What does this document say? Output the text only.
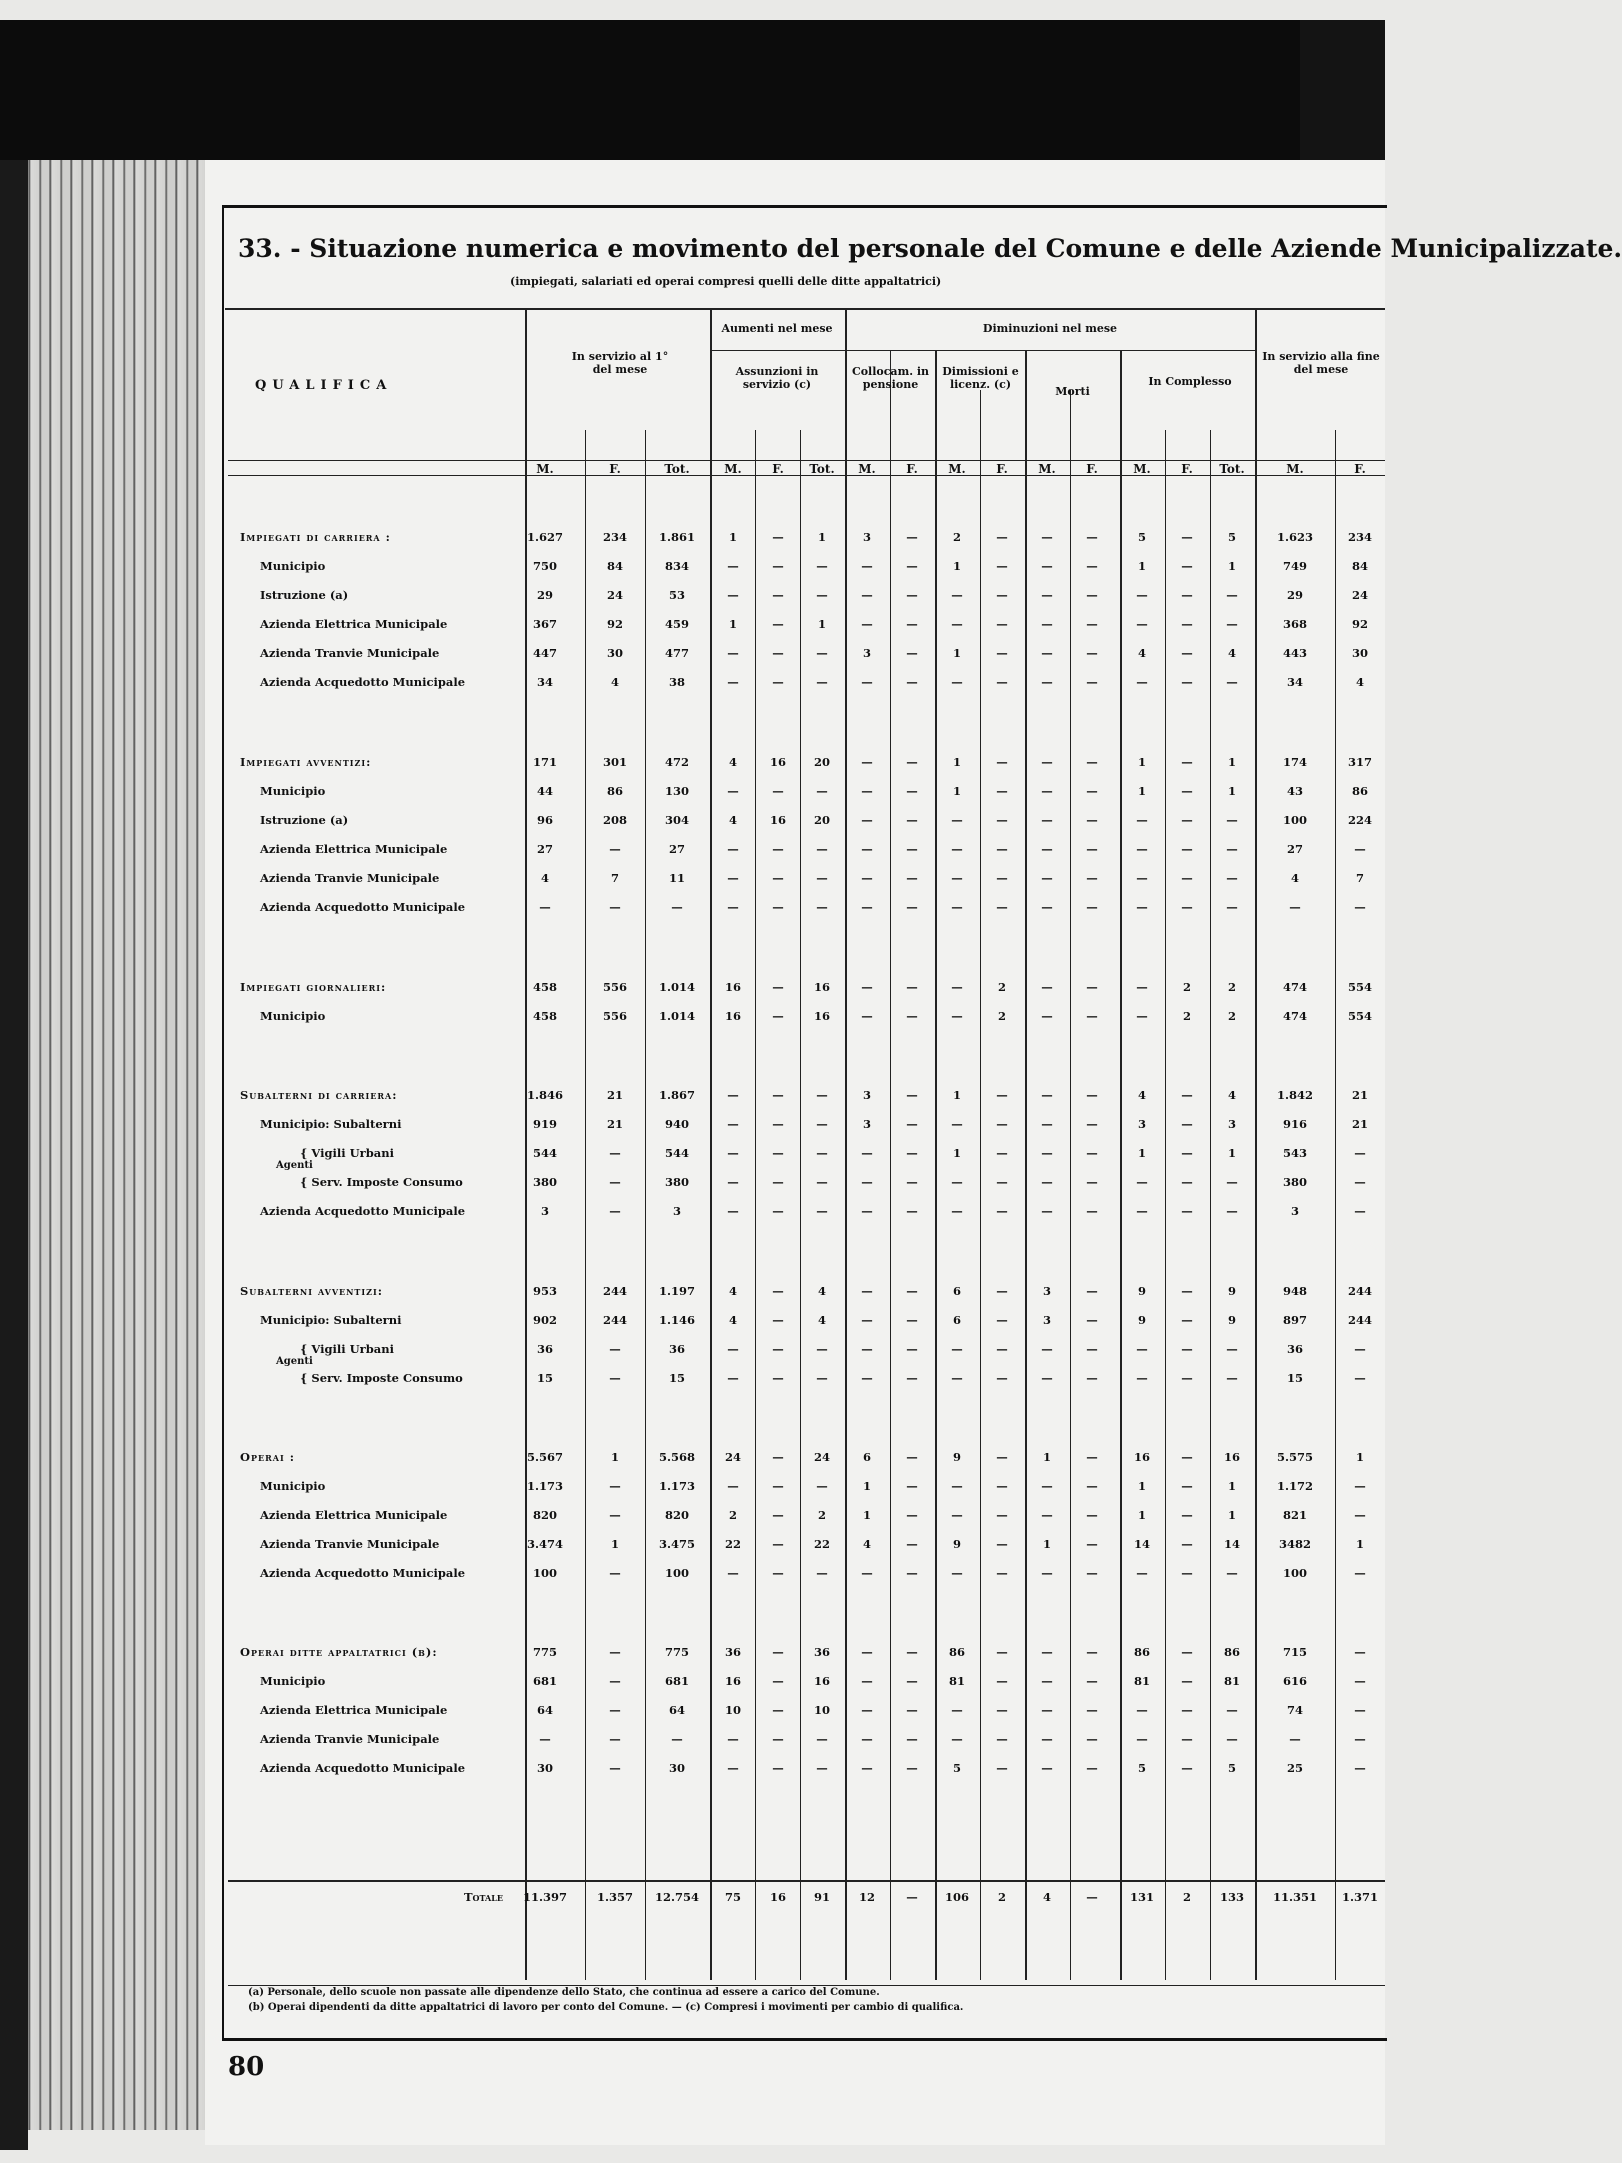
33. - Situazione numerica e movimento del personale del Comune e delle Aziende Municipalizzate.
(impiegati, salariati ed operai compresi quelli delle ditte appaltatrici)
QUALIFICA
In servizio al 1° del mese
Aumenti nel mese
Assunzioni in servizio (c)
Diminuzioni nel mese
Collocam. in pensione
Dimissioni e licenz. (c)
Morti
In Complesso
In servizio alla fine del mese
M.	F.	Tot.	M.	F.	Tot.	M.	F.	M.	F.	M.	F.	M.	F.	Tot.	M.	F.
Impiegati di carriera :	1.627	234	1.861	1	—	1	3	—	2	—	—	—	5	—	5	1.623	234
Municipio	750	84	834	—	—	—	—	—	1	—	—	—	1	—	1	749	84
Istruzione (a)	29	24	53	—	—	—	—	—	—	—	—	—	—	—	—	29	24
Azienda Elettrica Municipale	367	92	459	1	—	1	—	—	—	—	—	—	—	—	—	368	92
Azienda Tranvie Municipale	447	30	477	—	—	—	3	—	1	—	—	—	4	—	4	443	30
Azienda Acquedotto Municipale	34	4	38	—	—	—	—	—	—	—	—	—	—	—	—	34	4
Impiegati avventizi:	171	301	472	4	16	20	—	—	1	—	—	—	1	—	1	174	317
Municipio	44	86	130	—	—	—	—	—	1	—	—	—	1	—	1	43	86
Istruzione (a)	96	208	304	4	16	20	—	—	—	—	—	—	—	—	—	100	224
Azienda Elettrica Municipale	27	—	27	—	—	—	—	—	—	—	—	—	—	—	—	27	—
Azienda Tranvie Municipale	4	7	11	—	—	—	—	—	—	—	—	—	—	—	—	4	7
Azienda Acquedotto Municipale	—	—	—	—	—	—	—	—	—	—	—	—	—	—	—	—	—
Impiegati giornalieri:	458	556	1.014	16	—	16	—	—	—	2	—	—	—	2	2	474	554
Municipio	458	556	1.014	16	—	16	—	—	—	2	—	—	—	2	2	474	554
Subalterni di carriera:	1.846	21	1.867	—	—	—	3	—	1	—	—	—	4	—	4	1.842	21
Municipio: Subalterni	919	21	940	—	—	—	3	—	—	—	—	—	3	—	3	916	21
{ Vigili Urbani	544	—	544	—	—	—	—	—	1	—	—	—	1	—	1	543	—
{ Serv. Imposte Consumo	380	—	380	—	—	—	—	—	—	—	—	—	—	—	—	380	—
Azienda Acquedotto Municipale	3	—	3	—	—	—	—	—	—	—	—	—	—	—	—	3	—
Subalterni avventizi:	953	244	1.197	4	—	4	—	—	6	—	3	—	9	—	9	948	244
Municipio: Subalterni	902	244	1.146	4	—	4	—	—	6	—	3	—	9	—	9	897	244
{ Vigili Urbani	36	—	36	—	—	—	—	—	—	—	—	—	—	—	—	36	—
{ Serv. Imposte Consumo	15	—	15	—	—	—	—	—	—	—	—	—	—	—	—	15	—
Operai :	5.567	1	5.568	24	—	24	6	—	9	—	1	—	16	—	16	5.575	1
Municipio	1.173	—	1.173	—	—	—	1	—	—	—	—	—	1	—	1	1.172	—
Azienda Elettrica Municipale	820	—	820	2	—	2	1	—	—	—	—	—	1	—	1	821	—
Azienda Tranvie Municipale	3.474	1	3.475	22	—	22	4	—	9	—	1	—	14	—	14	3482	1
Azienda Acquedotto Municipale	100	—	100	—	—	—	—	—	—	—	—	—	—	—	—	100	—
Operai ditte appaltatrici (b):	775	—	775	36	—	36	—	—	86	—	—	—	86	—	86	715	—
Municipio	681	—	681	16	—	16	—	—	81	—	—	—	81	—	81	616	—
Azienda Elettrica Municipale	64	—	64	10	—	10	—	—	—	—	—	—	—	—	—	74	—
Azienda Tranvie Municipale	—	—	—	—	—	—	—	—	—	—	—	—	—	—	—	—	—
Azienda Acquedotto Municipale	30	—	30	—	—	—	—	—	5	—	—	—	5	—	5	25	—
Totale	11.397	1.357	12.754	75	16	91	12	—	106	2	4	—	131	2	133	11.351	1.371
Agenti
Agenti
(a) Personale, dello scuole non passate alle dipendenze dello Stato, che continua ad essere a carico del Comune.
(b) Operai dipendenti da ditte appaltatrici di lavoro per conto del Comune. — (c) Compresi i movimenti per cambio di qualifica.
80
